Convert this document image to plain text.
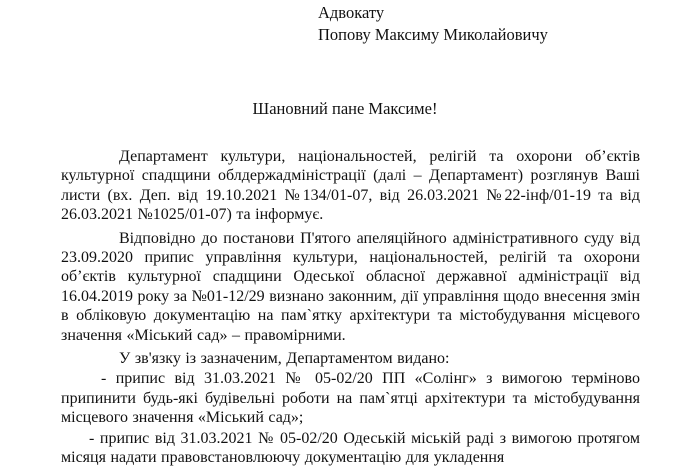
Адвокату
Попову Максиму Миколайовичу
Шановний пане Максиме!

Департамент культури, національностей, релігій та охорони об’єктів культурної спадщини облдержадміністрації (далі – Департамент) розглянув Ваші листи (вх. Деп. від 19.10.2021 №134/01-07, від 26.03.2021 №22-інф/01-19 та від 26.03.2021 №1025/01-07) та інформує.

Відповідно до постанови П'ятого апеляційного адміністративного суду від 23.09.2020 припис управління культури, національностей, релігій та охорони об’єктів культурної спадщини Одеської обласної державної адміністрації від 16.04.2019 року за №01-12/29 визнано законним, дії управління щодо внесення змін в обліковую документацію на пам`ятку архітектури та містобудування місцевого значення «Міський сад» – правомірними.

У зв'язку із зазначеним, Департаментом видано:

- припис від 31.03.2021 № 05-02/20 ПП «Солінг» з вимогою терміново припинити будь-які будівельні роботи на пам`ятці архітектури та містобудування місцевого значення «Міський сад»;

- припис від 31.03.2021 № 05-02/20 Одеській міській раді з вимогою протягом місяця надати правовстановлюючу документацію для укладення
